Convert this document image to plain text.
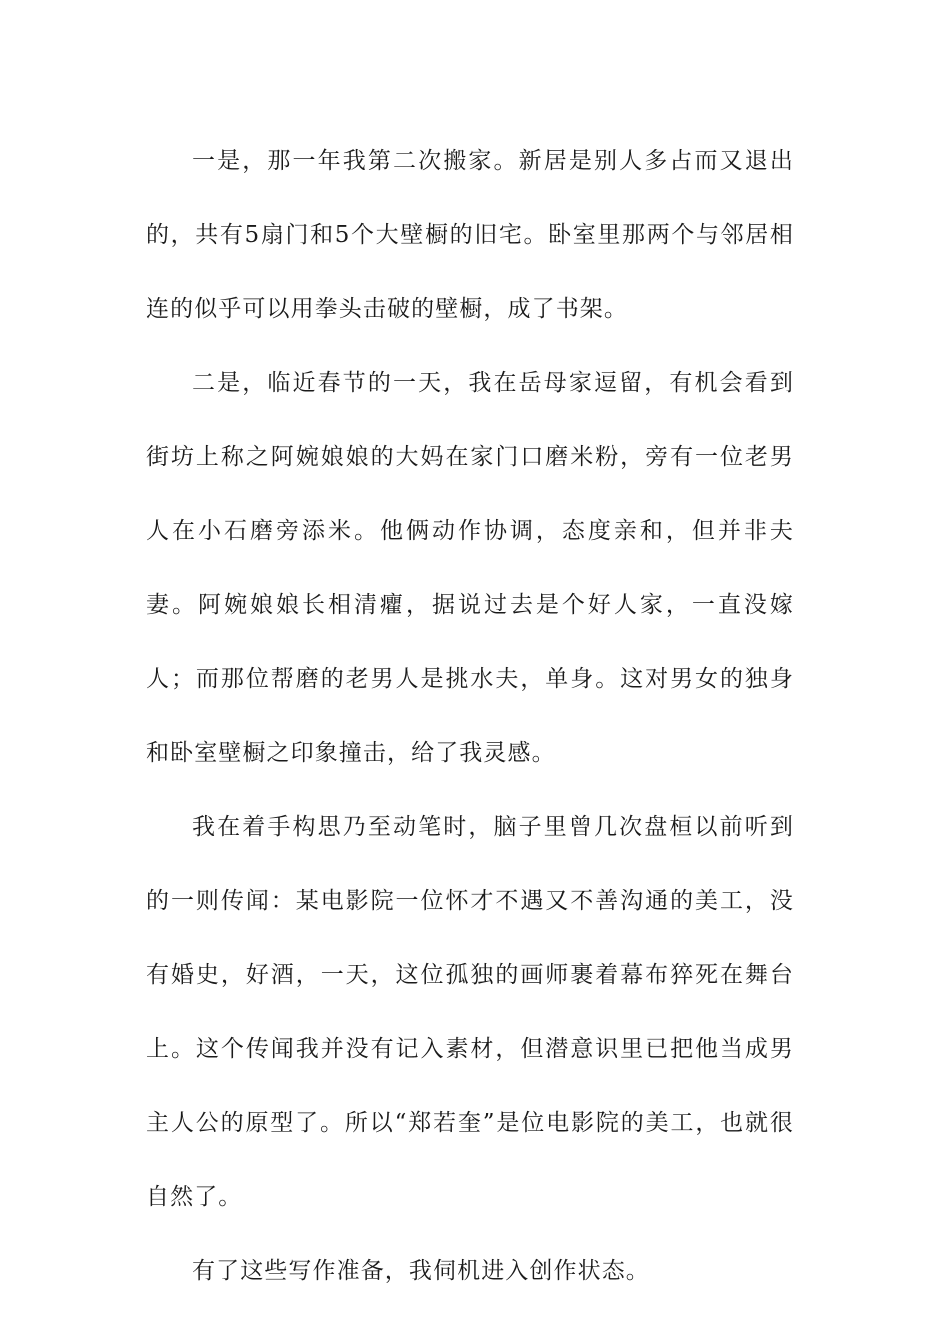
一是，那一年我第二次搬家。新居是别人多占而又退出的，共有5扇门和5个大壁橱的旧宅。卧室里那两个与邻居相连的似乎可以用拳头击破的壁橱，成了书架。

二是，临近春节的一天，我在岳母家逗留，有机会看到街坊上称之阿婉娘娘的大妈在家门口磨米粉，旁有一位老男人在小石磨旁添米。他俩动作协调，态度亲和，但并非夫妻。阿婉娘娘长相清癯，据说过去是个好人家，一直没嫁人；而那位帮磨的老男人是挑水夫，单身。这对男女的独身和卧室壁橱之印象撞击，给了我灵感。

我在着手构思乃至动笔时，脑子里曾几次盘桓以前听到的一则传闻：某电影院一位怀才不遇又不善沟通的美工，没有婚史，好酒，一天，这位孤独的画师裹着幕布猝死在舞台上。这个传闻我并没有记入素材，但潜意识里已把他当成男主人公的原型了。所以“郑若奎”是位电影院的美工，也就很自然了。

有了这些写作准备，我伺机进入创作状态。
